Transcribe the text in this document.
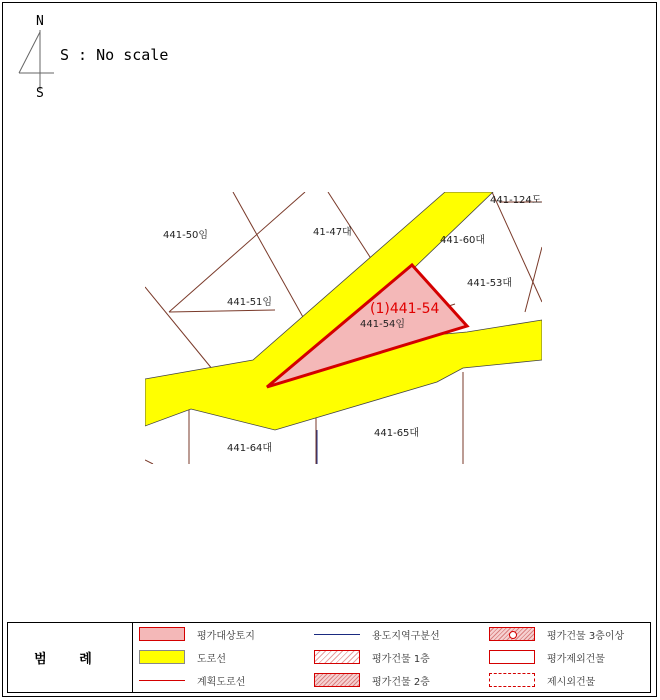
N
S
S : No scale
441-124도
441-50임	41-47대
441-60대
441-53대
441-51임	(1)441-54
441-54임
441-64대
441-65대
범 례
평가대상토지
도로선
계획도로선
용도지역구분선
평가건물 1층
평가건물 2층
평가건물 3층이상
평가제외건물
제시외건물
